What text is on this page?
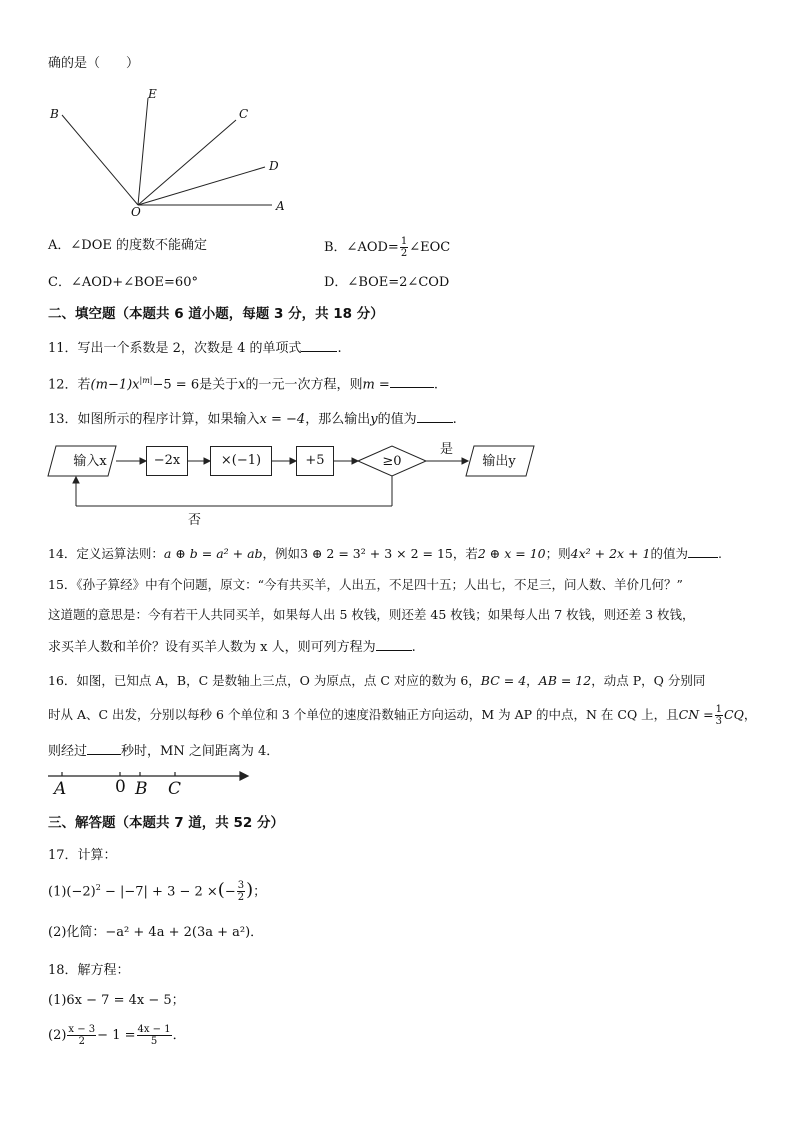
确的是（　　）
B
E
C
D
O	A
A．∠DOE 的度数不能确定	B．∠AOD= $\frac{1}{2}$ ∠EOC
C．∠AOD+∠BOE=60°	D．∠BOE=2∠COD
二、填空题（本题共 6 道小题，每题 3 分，共 18 分）
11．写出一个系数是 2，次数是 4 的单项式	.
12．若$(m-1)x^{|m|}-5 = 6$是关于x的一元一次方程，则m =	.
13．如图所示的程序计算，如果输入x = −4，那么输出y的值为	.
输入x	−2x	×(−1)	+5	≥0
是
否
输出y
14．定义运算法则：a ⊕ b = a² + ab，例如3 ⊕ 2 = 3² + 3 × 2 = 15，若2 ⊕ x = 10；则4x² + 2x + 1的值为 .
15．《孙子算经》中有个问题，原文：“今有共买羊，人出五，不足四十五；人出七，不足三，问人数、羊价几何？”
这道题的意思是：今有若干人共同买羊，如果每人出 5 枚钱，则还差 45 枚钱；如果每人出 7 枚钱，则还差 3 枚钱，
求买羊人数和羊价？设有买羊人数为 x 人，则可列方程为	.
16．如图，已知点 A，B，C 是数轴上三点，O 为原点，点 C 对应的数为 6，BC = 4，AB = 12，动点 P，Q 分别同
时从 A、C 出发，分别以每秒 6 个单位和 3 个单位的速度沿数轴正方向运动，M 为 AP 的中点，N 在 CQ 上，且CN = $\frac{1}{3}$ CQ，
则经过	秒时，MN 之间距离为 4．
A	0 B C
三、解答题（本题共 7 道，共 52 分）
17．计算：
$(1)(-2)^2 - |-7| + 3 - 2$ ×(− $\frac{3}{2}$ )；
(2)化简：−a² + 4a + 2(3a + a²)．
18．解方程：
(1)6x − 7 = 4x − 5；
$(2) \frac{x - 3}{2} - 1 = \frac{4x - 1}{5}$ ．
